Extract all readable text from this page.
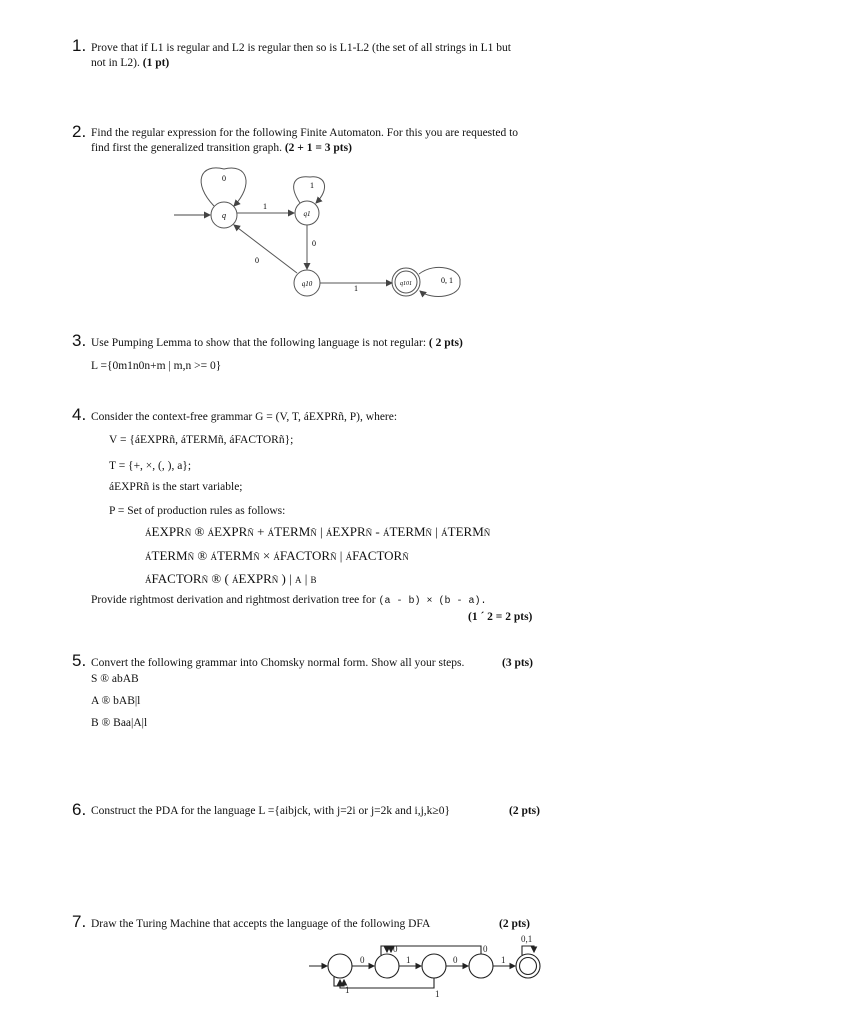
1. Prove that if L1 is regular and L2 is regular then so is L1-L2 (the set of all strings in L1 but
not in L2). (1 pt)
2. Find the regular expression for the following Finite Automaton. For this you are requested to
find first the generalized transition graph. (2 + 1 = 3 pts)
q
0
1
q1
1
0
q10
0
1	q101	0, 1
3. Use Pumping Lemma to show that the following language is not regular: ( 2 pts)
L ={0m1n0n+m | m,n >= 0}
4. Consider the context-free grammar G = (V, T, áEXPRñ, P), where:
V = {áEXPRñ, áTERMñ, áFACTORñ};
T = {+, ×, (, ), a};
áEXPRñ is the start variable;
P = Set of production rules as follows:
áEXPRñ ® áEXPRñ + áTERMñ | áEXPRñ - áTERMñ | áTERMñ
áTERMñ ® áTERMñ × áFACTORñ | áFACTORñ
áFACTORñ ® ( áEXPRñ ) | a | b
Provide rightmost derivation and rightmost derivation tree for (a - b) × (b - a).
(1 ´ 2 = 2 pts)
5. Convert the following grammar into Chomsky normal form. Show all your steps.	(3 pts)
S ® abAB
A ® bAB|l
B ® Baa|A|l
6. Construct the PDA for the language L ={aibjck, with j=2i or j=2k and i,j,k≥0}	(2 pts)
7. Draw the Turing Machine that accepts the language of the following DFA	(2 pts)
0	1	0	1
0	0
1
1
0,1
